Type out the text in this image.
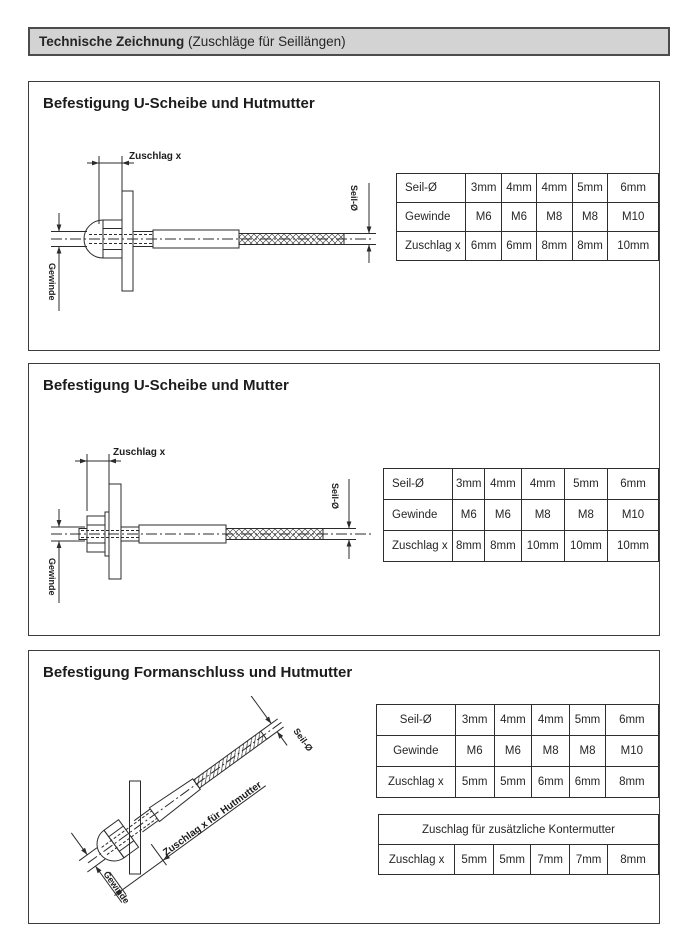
Technische Zeichnung (Zuschläge für Seillängen)
Befestigung U-Scheibe und Hutmutter
Zuschlag x
Seil-Ø
Gewinde
Seil-Ø	3mm	4mm	4mm	5mm	6mm
Gewinde	M6	M6	M8	M8	M10
Zuschlag x	6mm	6mm	8mm	8mm	10mm
Befestigung U-Scheibe und Mutter
Zuschlag x
Seil-Ø
Gewinde
Seil-Ø	3mm	4mm	4mm	5mm	6mm
Gewinde	M6	M6	M8	M8	M10
Zuschlag x	8mm	8mm	10mm	10mm	10mm
Befestigung Formanschluss und Hutmutter
Seil-Ø
Zuschlag x für Hutmutter
Gewinde
Seil-Ø	3mm	4mm	4mm	5mm	6mm
Gewinde	M6	M6	M8	M8	M10
Zuschlag x	5mm	5mm	6mm	6mm	8mm
Zuschlag für zusätzliche Kontermutter
Zuschlag x	5mm	5mm	7mm	7mm	8mm
